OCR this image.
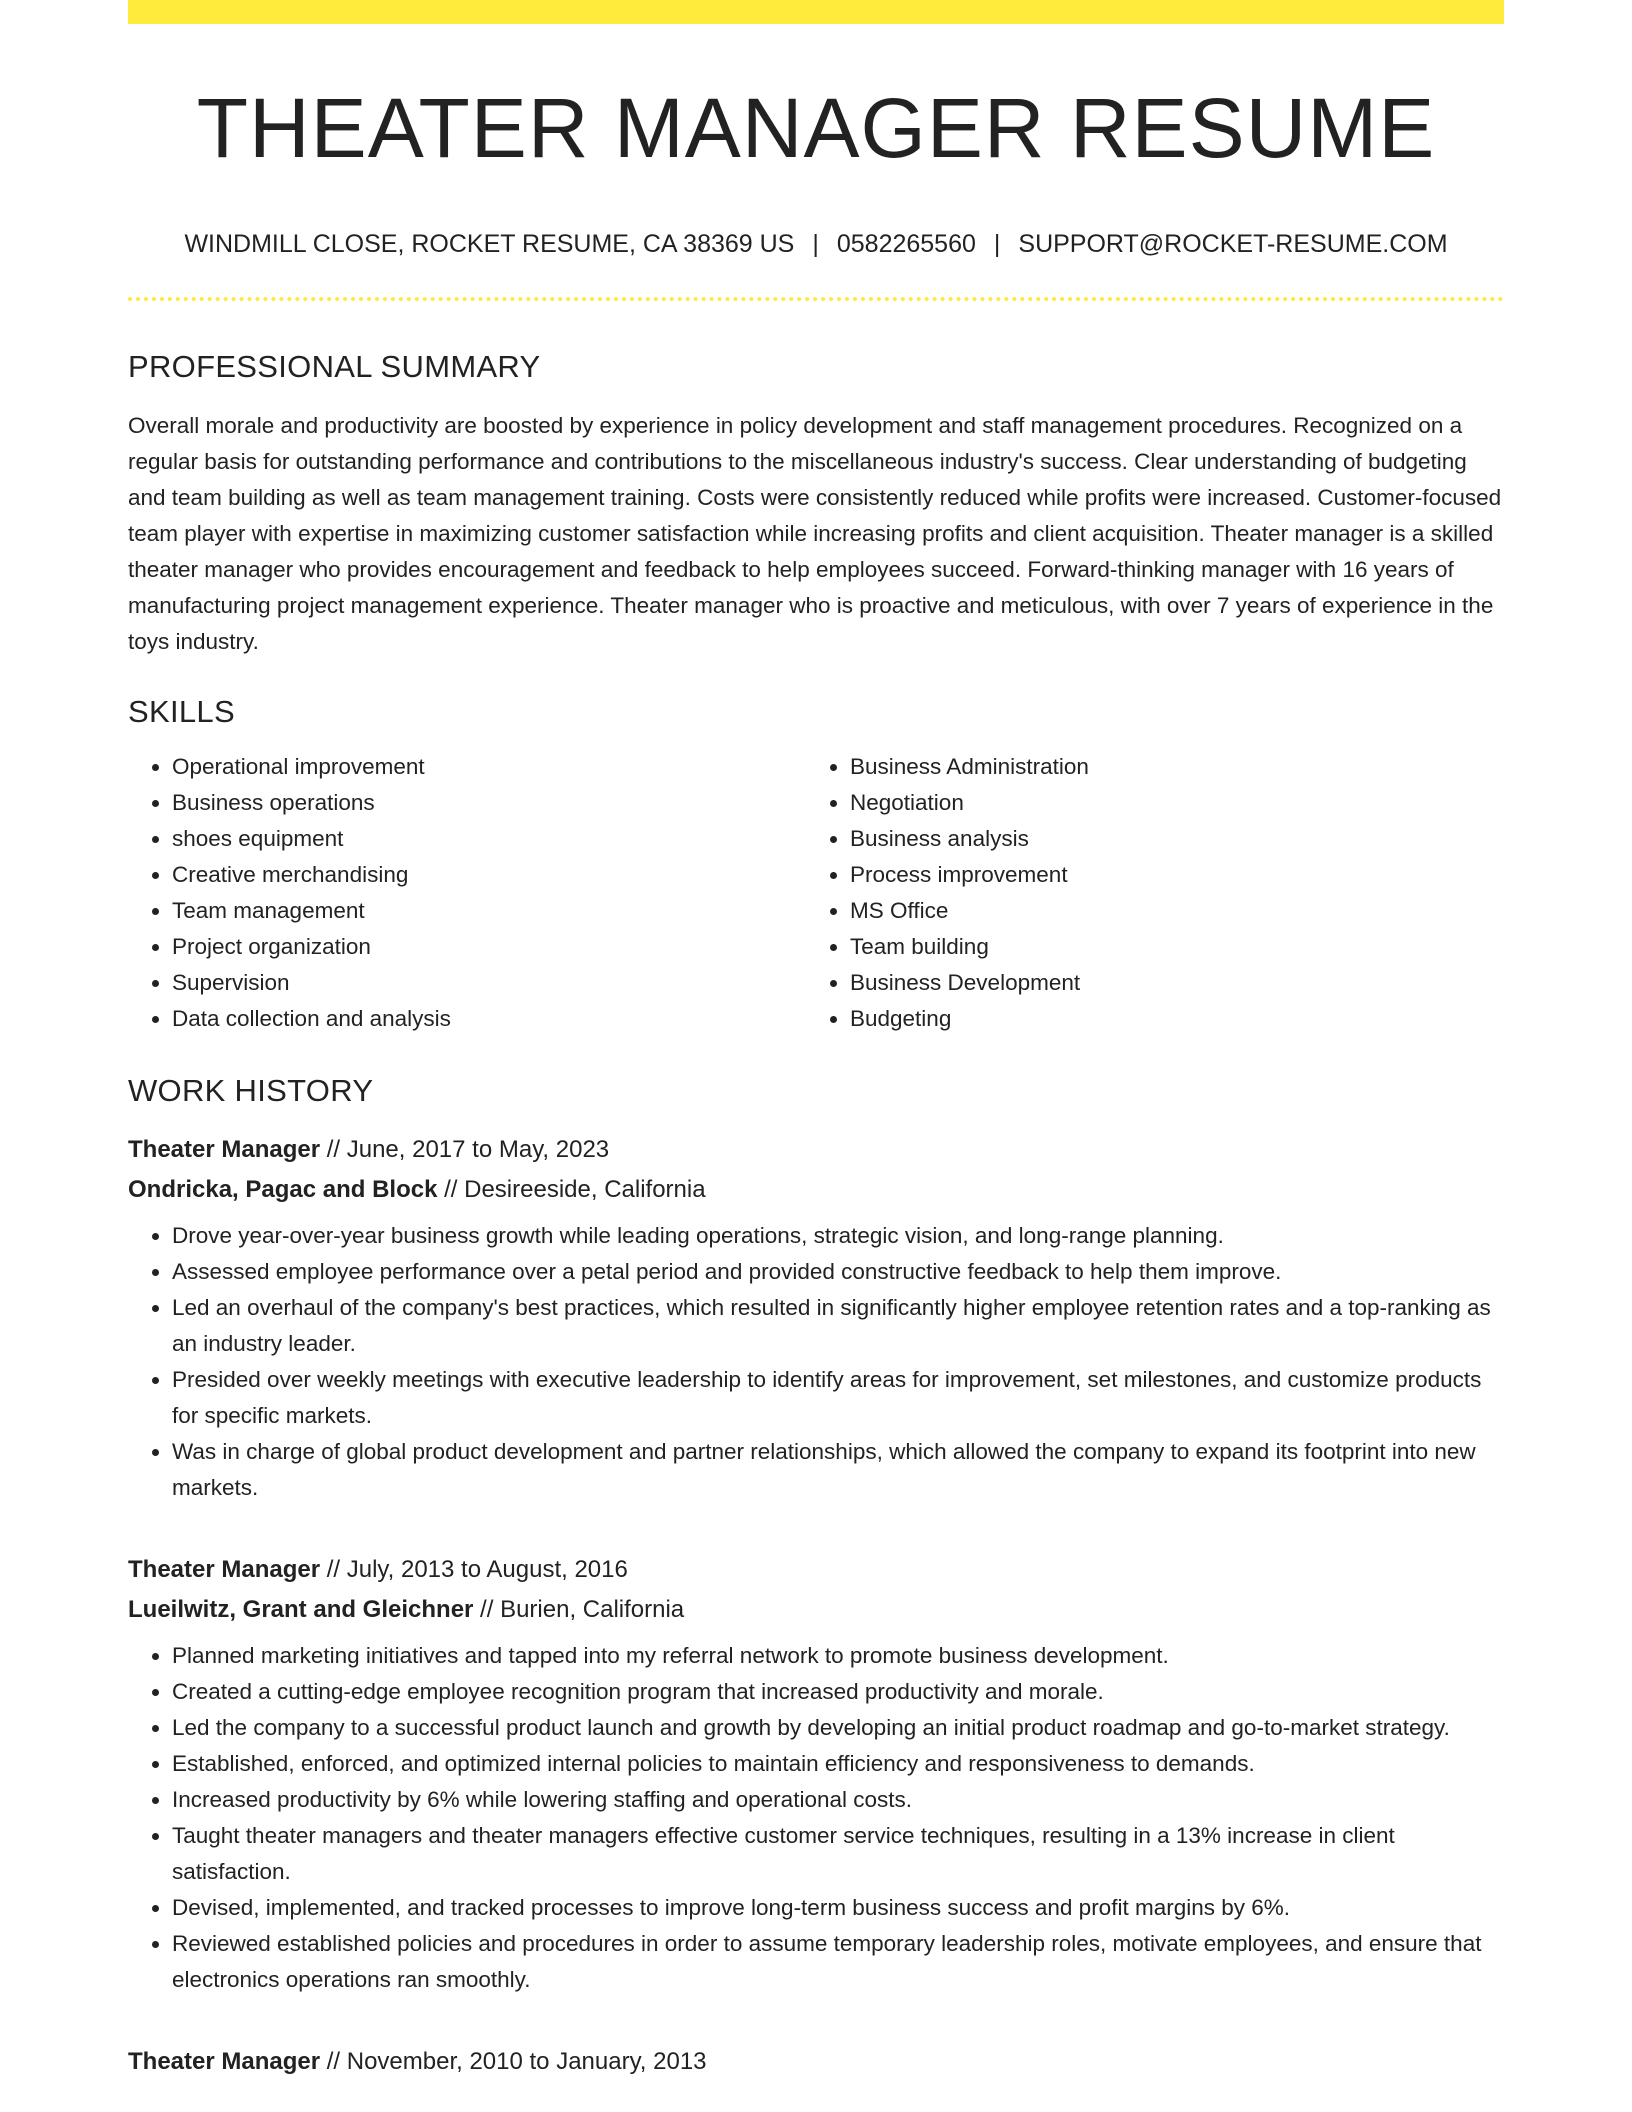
THEATER MANAGER RESUME
WINDMILL CLOSE, ROCKET RESUME, CA 38369 US | 0582265560 | SUPPORT@ROCKET-RESUME.COM
PROFESSIONAL SUMMARY

Overall morale and productivity are boosted by experience in policy development and staff management procedures. Recognized on a regular basis for outstanding performance and contributions to the miscellaneous industry's success. Clear understanding of budgeting and team building as well as team management training. Costs were consistently reduced while profits were increased. Customer-focused team player with expertise in maximizing customer satisfaction while increasing profits and client acquisition. Theater manager is a skilled theater manager who provides encouragement and feedback to help employees succeed. Forward-thinking manager with 16 years of manufacturing project management experience. Theater manager who is proactive and meticulous, with over 7 years of experience in the toys industry.

SKILLS
• Operational improvement
• Business operations
• shoes equipment
• Creative merchandising
• Team management
• Project organization
• Supervision
• Data collection and analysis
• Business Administration
• Negotiation
• Business analysis
• Process improvement
• MS Office
• Team building
• Business Development
• Budgeting
WORK HISTORY
Theater Manager // June, 2017 to May, 2023
Ondricka, Pagac and Block // Desireeside, California
• Drove year-over-year business growth while leading operations, strategic vision, and long-range planning.
• Assessed employee performance over a petal period and provided constructive feedback to help them improve.
• Led an overhaul of the company's best practices, which resulted in significantly higher employee retention rates and a top-ranking as an industry leader.
• Presided over weekly meetings with executive leadership to identify areas for improvement, set milestones, and customize products for specific markets.
• Was in charge of global product development and partner relationships, which allowed the company to expand its footprint into new markets.
Theater Manager // July, 2013 to August, 2016
Lueilwitz, Grant and Gleichner // Burien, California
• Planned marketing initiatives and tapped into my referral network to promote business development.
• Created a cutting-edge employee recognition program that increased productivity and morale.
• Led the company to a successful product launch and growth by developing an initial product roadmap and go-to-market strategy.
• Established, enforced, and optimized internal policies to maintain efficiency and responsiveness to demands.
• Increased productivity by 6% while lowering staffing and operational costs.
• Taught theater managers and theater managers effective customer service techniques, resulting in a 13% increase in client satisfaction.
• Devised, implemented, and tracked processes to improve long-term business success and profit margins by 6%.
• Reviewed established policies and procedures in order to assume temporary leadership roles, motivate employees, and ensure that electronics operations ran smoothly.
Theater Manager // November, 2010 to January, 2013
